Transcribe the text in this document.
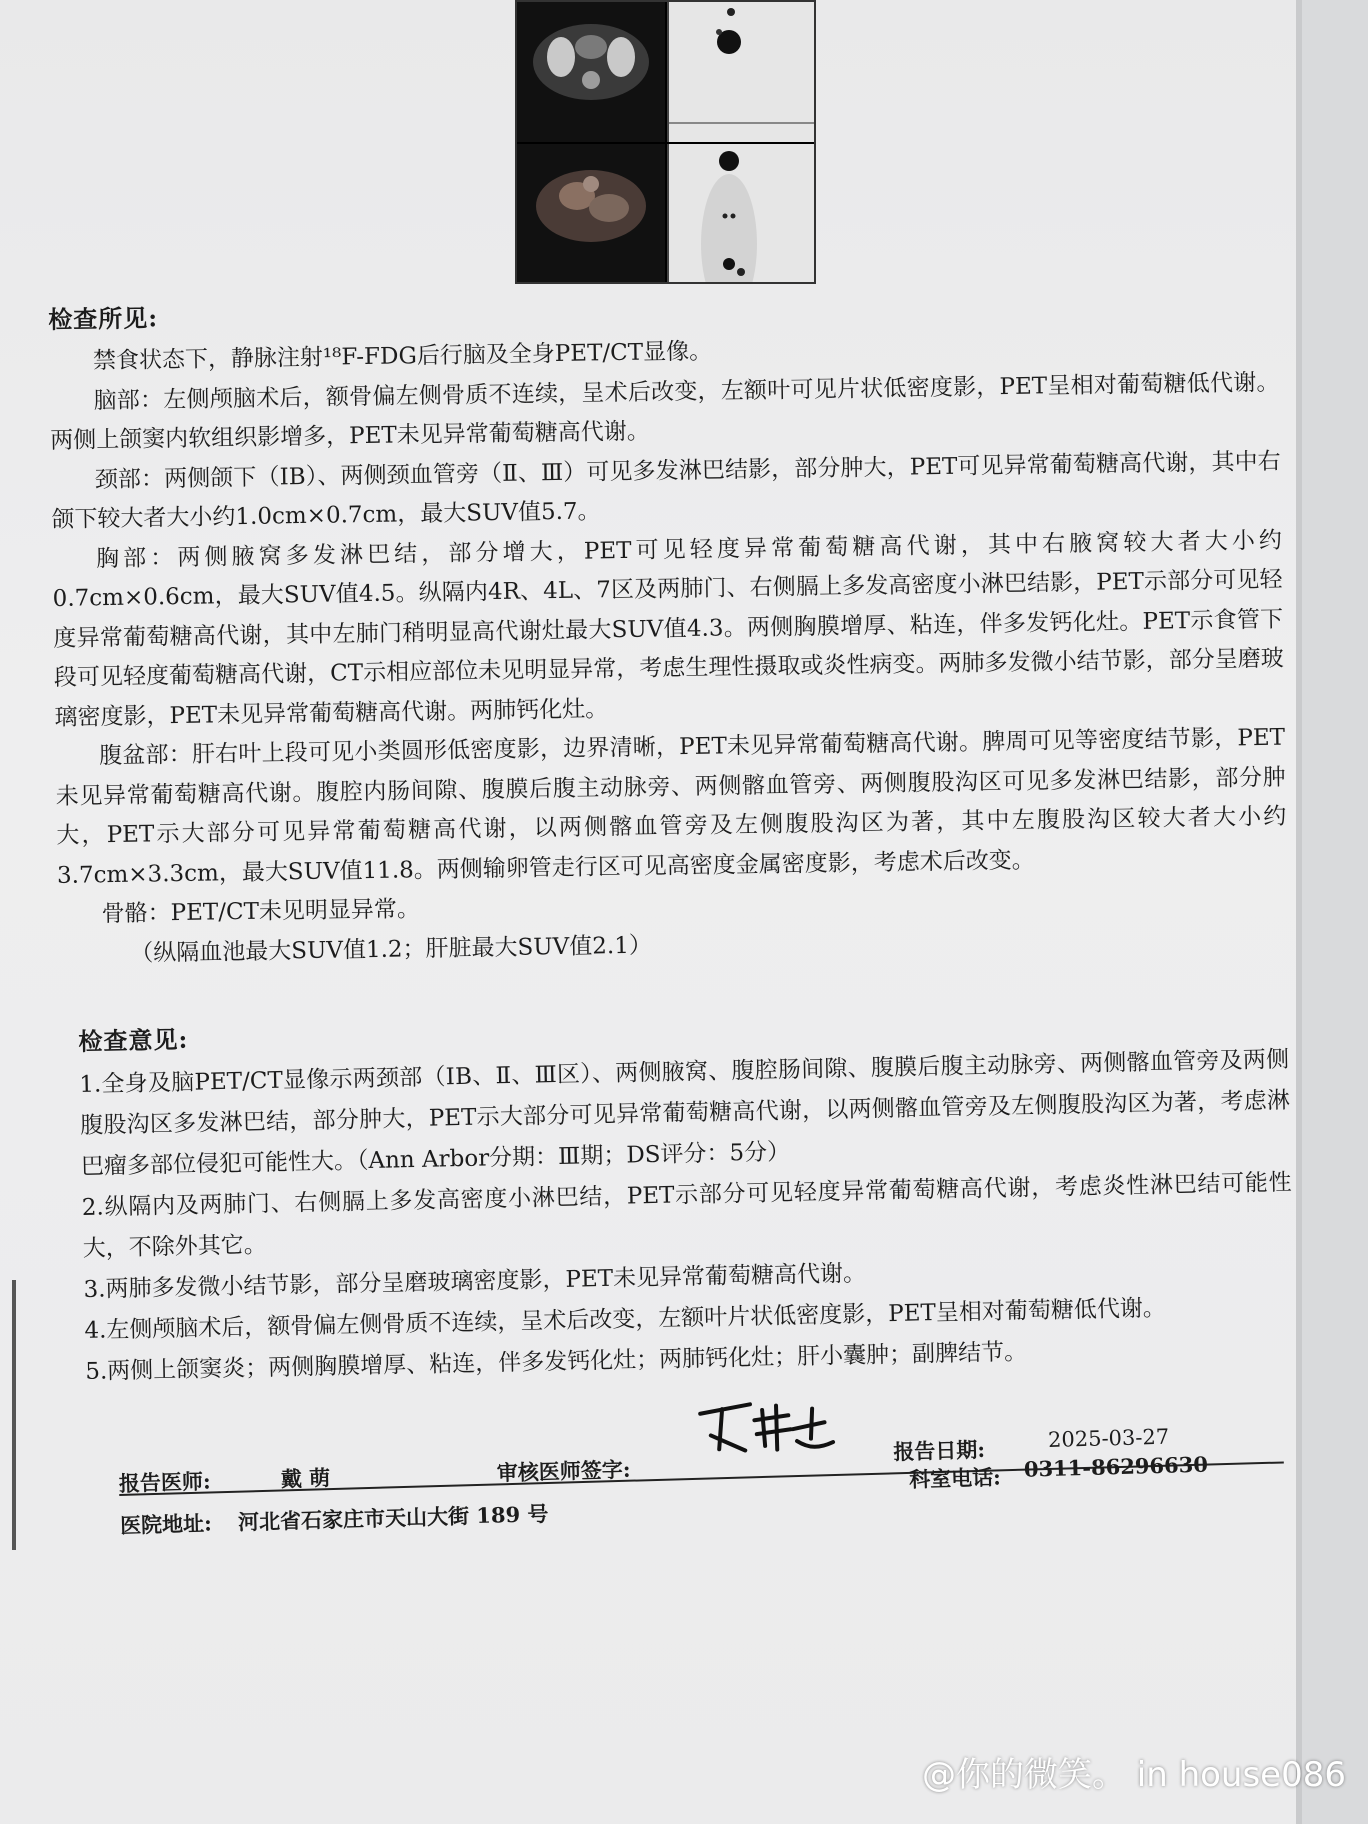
检查所见:

禁食状态下，静脉注射¹⁸F-FDG后行脑及全身PET/CT显像。

脑部：左侧颅脑术后，额骨偏左侧骨质不连续，呈术后改变，左额叶可见片状低密度影，PET呈相对葡萄糖低代谢。两侧上颌窦内软组织影增多，PET未见异常葡萄糖高代谢。

颈部：两侧颌下（ⅠB）、两侧颈血管旁（Ⅱ、Ⅲ）可见多发淋巴结影，部分肿大，PET可见异常葡萄糖高代谢，其中右颌下较大者大小约1.0cm×0.7cm，最大SUV值5.7。

胸部：两侧腋窝多发淋巴结，部分增大，PET可见轻度异常葡萄糖高代谢，其中右腋窝较大者大小约0.7cm×0.6cm，最大SUV值4.5。纵隔内4R、4L、7区及两肺门、右侧膈上多发高密度小淋巴结影，PET示部分可见轻度异常葡萄糖高代谢，其中左肺门稍明显高代谢灶最大SUV值4.3。两侧胸膜增厚、粘连，伴多发钙化灶。PET示食管下段可见轻度葡萄糖高代谢，CT示相应部位未见明显异常，考虑生理性摄取或炎性病变。两肺多发微小结节影，部分呈磨玻璃密度影，PET未见异常葡萄糖高代谢。两肺钙化灶。

腹盆部：肝右叶上段可见小类圆形低密度影，边界清晰，PET未见异常葡萄糖高代谢。脾周可见等密度结节影，PET未见异常葡萄糖高代谢。腹腔内肠间隙、腹膜后腹主动脉旁、两侧髂血管旁、两侧腹股沟区可见多发淋巴结影，部分肿大，PET示大部分可见异常葡萄糖高代谢，以两侧髂血管旁及左侧腹股沟区为著，其中左腹股沟区较大者大小约3.7cm×3.3cm，最大SUV值11.8。两侧输卵管走行区可见高密度金属密度影，考虑术后改变。

骨骼：PET/CT未见明显异常。

（纵隔血池最大SUV值1.2；肝脏最大SUV值2.1）

检查意见:

1.全身及脑PET/CT显像示两颈部（ⅠB、Ⅱ、Ⅲ区）、两侧腋窝、腹腔肠间隙、腹膜后腹主动脉旁、两侧髂血管旁及两侧腹股沟区多发淋巴结，部分肿大，PET示大部分可见异常葡萄糖高代谢，以两侧髂血管旁及左侧腹股沟区为著，考虑淋巴瘤多部位侵犯可能性大。（Ann Arbor分期：Ⅲ期；DS评分：5分）

2.纵隔内及两肺门、右侧膈上多发高密度小淋巴结，PET示部分可见轻度异常葡萄糖高代谢，考虑炎性淋巴结可能性大，不除外其它。

3.两肺多发微小结节影，部分呈磨玻璃密度影，PET未见异常葡萄糖高代谢。

4.左侧颅脑术后，额骨偏左侧骨质不连续，呈术后改变，左额叶片状低密度影，PET呈相对葡萄糖低代谢。

5.两侧上颌窦炎；两侧胸膜增厚、粘连，伴多发钙化灶；两肺钙化灶；肝小囊肿；副脾结节。

报告医师:	戴 萌	审核医师签字:
报告日期:	2025-03-27
医院地址: 河北省石家庄市天山大街 189 号
科室电话: 0311-86296630
@你的微笑。 in house086
